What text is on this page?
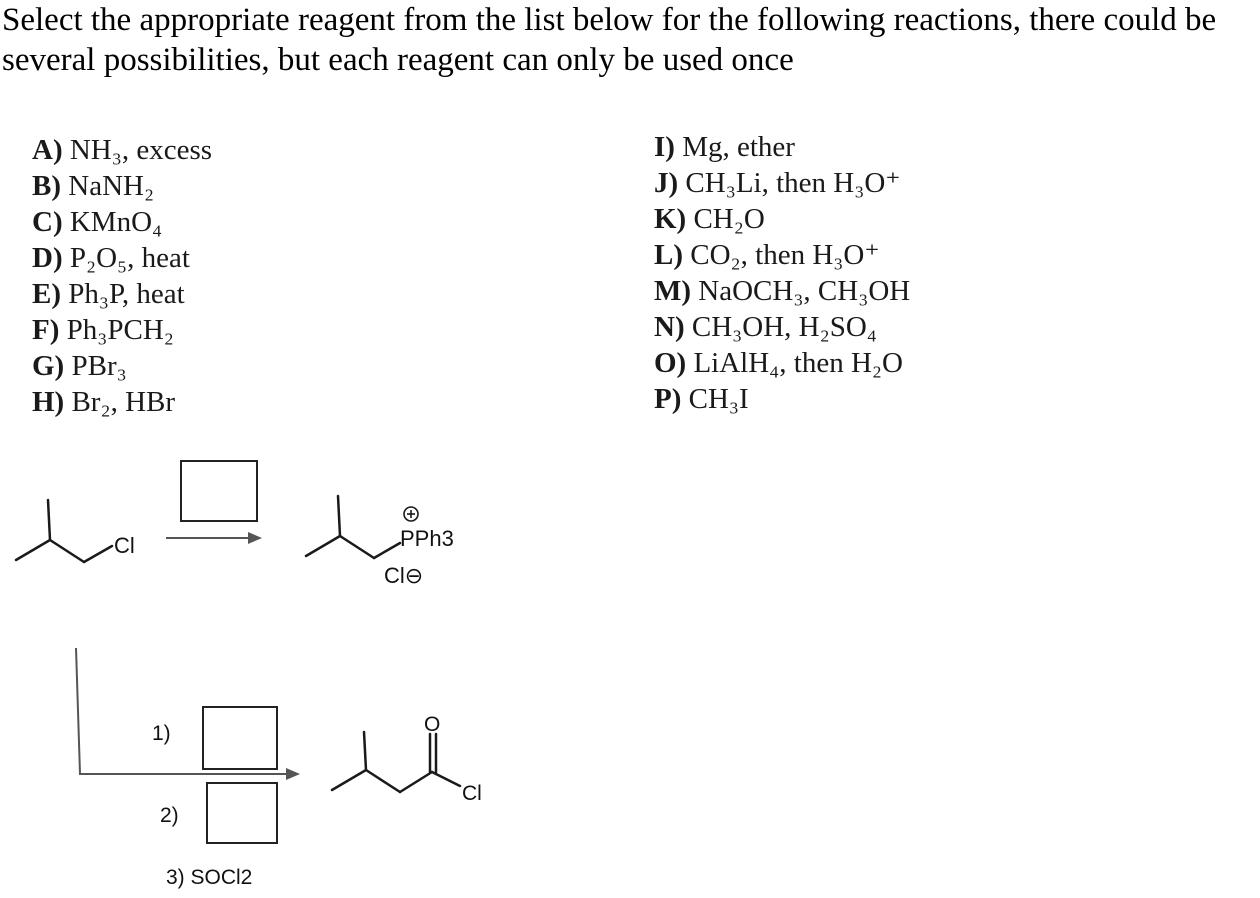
Select the appropriate reagent from the list below for the following reactions, there could be several possibilities, but each reagent can only be used once
A) NH₃, excess
B) NaNH₂
C) KMnO₄
D) P₂O₅, heat
E) Ph₃P, heat
F) Ph₃PCH₂
G) PBr₃
H) Br₂, HBr
I) Mg, ether
J) CH₃Li, then H₃O⁺
K) CH₂O
L) CO₂, then H₃O⁺
M) NaOCH₃, CH₃OH
N) CH₃OH, H₂SO₄
O) LiAlH₄, then H₂O
P) CH₃I
Cl	PPh3
Cl⊖
1)
2)
3) SOCl2
O
Cl
